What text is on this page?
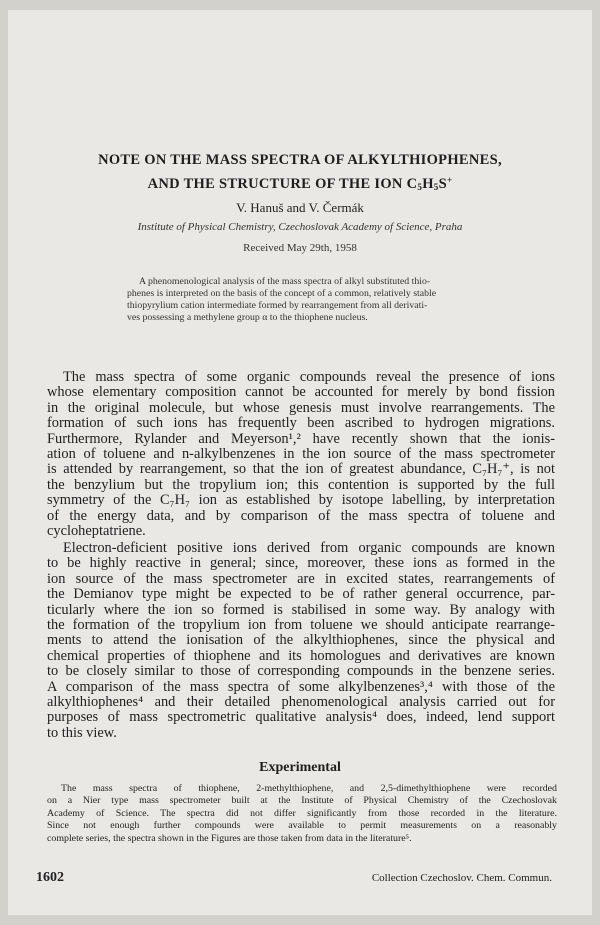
NOTE ON THE MASS SPECTRA OF ALKYLTHIOPHENES,
AND THE STRUCTURE OF THE ION $C_5H_5S^+$
V. Hanuš and V. Čermák
Institute of Physical Chemistry, Czechoslovak Academy of Science, Praha
Received May 29th, 1958
A phenomenological analysis of the mass spectra of alkyl substituted thio-
phenes is interpreted on the basis of the concept of a common, relatively stable
thiopyrylium cation intermediate formed by rearrangement from all derivati-
ves possessing a methylene group α to the thiophene nucleus.
The mass spectra of some organic compounds reveal the presence of ions
whose elementary composition cannot be accounted for merely by bond fission
in the original molecule, but whose genesis must involve rearrangements. The
formation of such ions has frequently been ascribed to hydrogen migrations.
Furthermore, Rylander and Meyerson¹,² have recently shown that the ionis-
ation of toluene and n-alkylbenzenes in the ion source of the mass spectrometer
is attended by rearrangement, so that the ion of greatest abundance, C₇H₇⁺, is not
the benzylium but the tropylium ion; this contention is supported by the full
symmetry of the C₇H₇ ion as established by isotope labelling, by interpretation
of the energy data, and by comparison of the mass spectra of toluene and
cycloheptatriene.
Electron-deficient positive ions derived from organic compounds are known
to be highly reactive in general; since, moreover, these ions as formed in the
ion source of the mass spectrometer are in excited states, rearrangements of
the Demianov type might be expected to be of rather general occurrence, par-
ticularly where the ion so formed is stabilised in some way. By analogy with
the formation of the tropylium ion from toluene we should anticipate rearrange-
ments to attend the ionisation of the alkylthiophenes, since the physical and
chemical properties of thiophene and its homologues and derivatives are known
to be closely similar to those of corresponding compounds in the benzene series.
A comparison of the mass spectra of some alkylbenzenes³,⁴ with those of the
alkylthiophenes⁴ and their detailed phenomenological analysis carried out for
purposes of mass spectrometric qualitative analysis⁴ does, indeed, lend support
to this view.
Experimental
The mass spectra of thiophene, 2-methylthiophene, and 2,5-dimethylthiophene were recorded
on a Nier type mass spectrometer built at the Institute of Physical Chemistry of the Czechoslovak
Academy of Science. The spectra did not differ significantly from those recorded in the literature.
Since not enough further compounds were available to permit measurements on a reasonably
complete series, the spectra shown in the Figures are those taken from data in the literature⁵.
1602	Collection Czechoslov. Chem. Commun.
